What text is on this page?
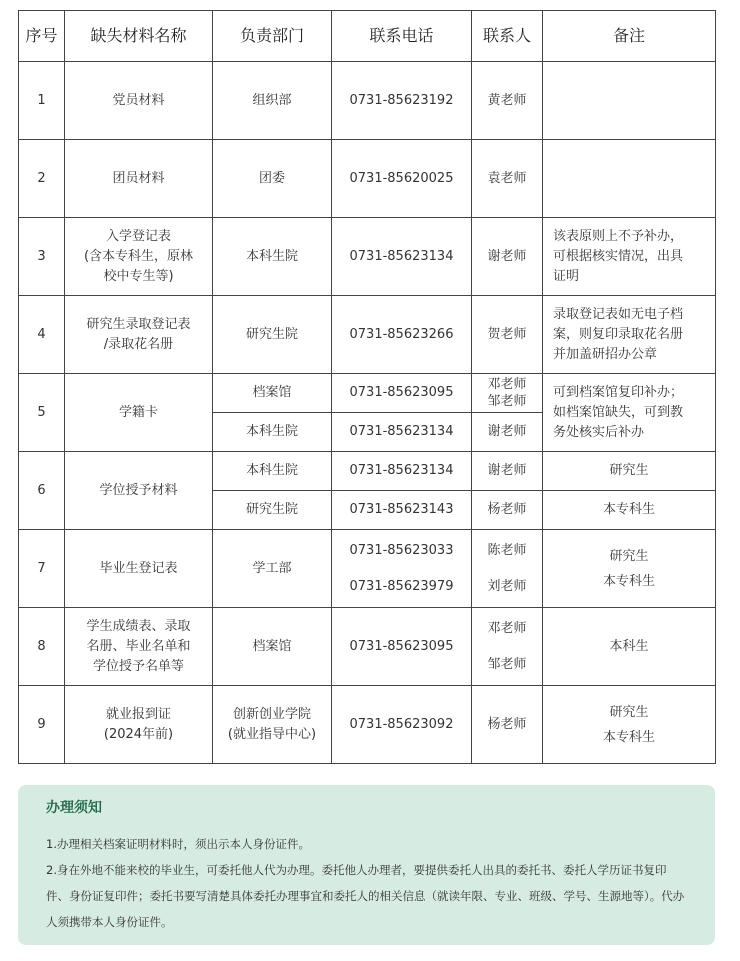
序号	缺失材料名称	负责部门	联系电话	联系人	备注
1	党员材料	组织部	0731-85623192	黄老师	
2	团员材料	团委	0731-85620025	袁老师	
3	入学登记表
(含本专科生，原林
校中专生等)	本科生院	0731-85623134	谢老师	该表原则上不予补办，
可根据核实情况，出具
证明

4	研究生录取登记表
/录取花名册	研究生院	0731-85623266	贺老师	录取登记表如无电子档
案，则复印录取花名册
并加盖研招办公章

5	学籍卡	档案馆	0731-85623095	邓老师
邹老师	可到档案馆复印补办；
如档案馆缺失，可到教
务处核实后补办

		本科生院	0731-85623134	谢老师	
6	学位授予材料	本科生院	0731-85623134	谢老师	研究生
		研究生院	0731-85623143	杨老师	本专科生
7	毕业生登记表	学工部	0731-85623033
0731-85623979	陈老师
刘老师	研究生
本专科生

8	学生成绩表、录取
名册、毕业名单和
学位授予名单等	档案馆	0731-85623095	邓老师
邹老师	本科生
9	就业报到证
(2024年前)	创新创业学院
(就业指导中心)	0731-85623092	杨老师	研究生
本专科生

办理须知

1.办理相关档案证明材料时，须出示本人身份证件。

2.身在外地不能来校的毕业生，可委托他人代为办理。委托他人办理者，要提供委托人出具的委托书、委托人学历证书复印件、身份证复印件；委托书要写清楚具体委托办理事宜和委托人的相关信息（就读年限、专业、班级、学号、生源地等）。代办人须携带本人身份证件。
